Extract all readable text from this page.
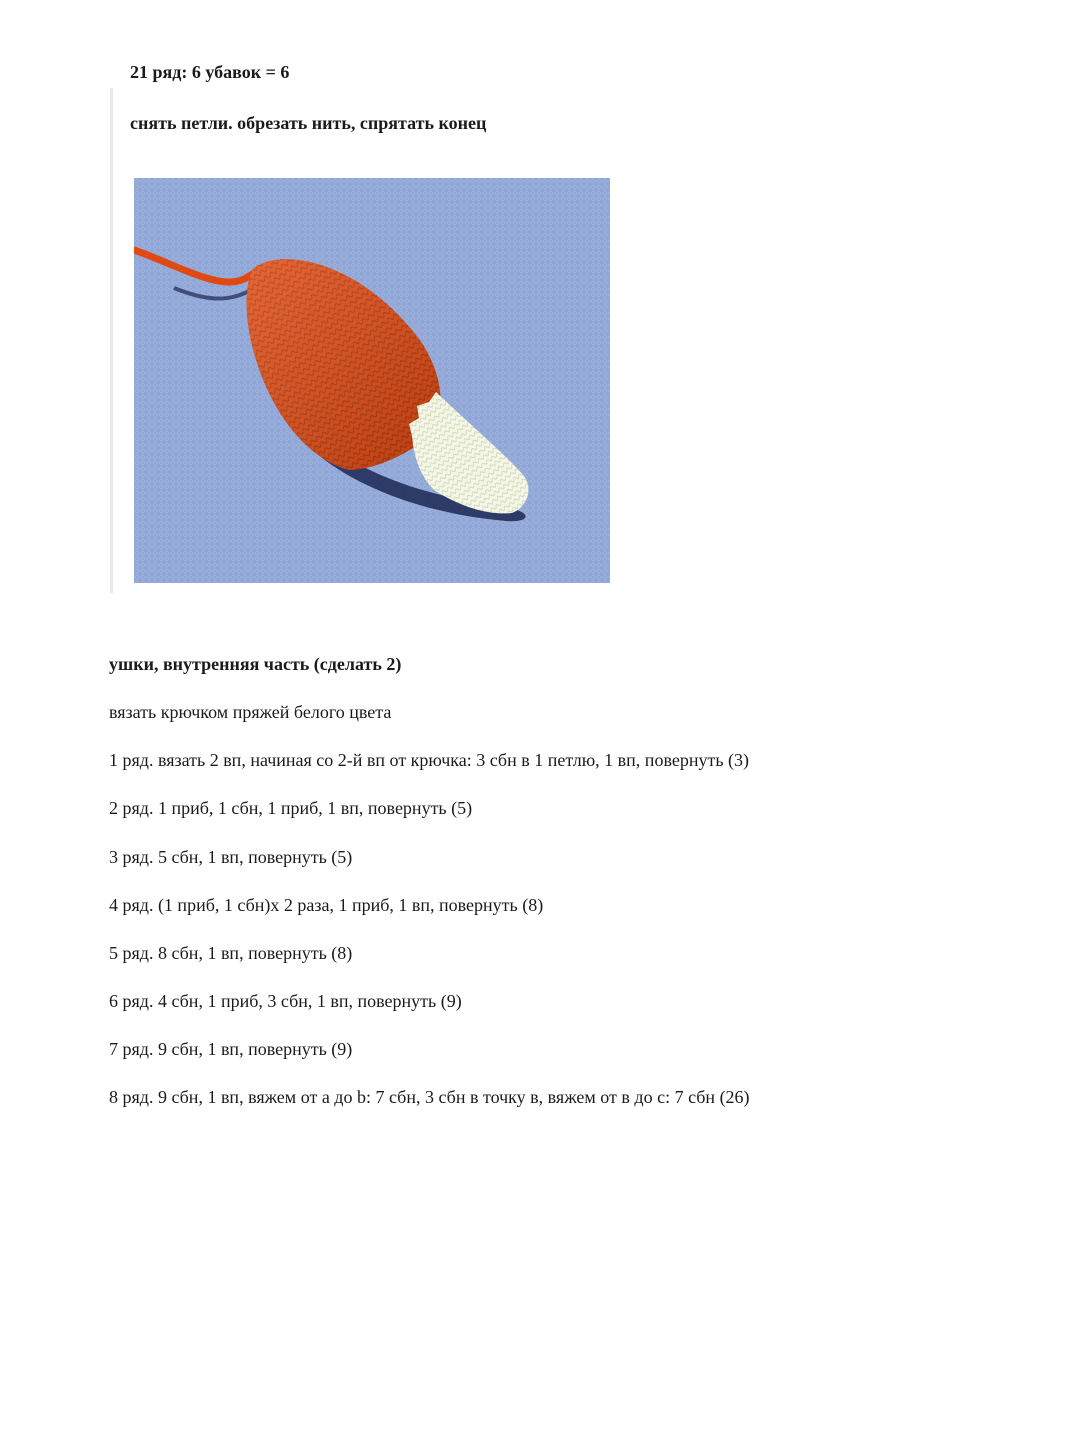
21 ряд: 6 убавок = 6
снять петли. обрезать нить, спрятать конец
ушки, внутренняя часть (сделать 2)
вязать крючком пряжей белого цвета
1 ряд. вязать 2 вп, начиная со 2-й вп от крючка: 3 сбн в 1 петлю, 1 вп, повернуть (3)
2 ряд. 1 приб, 1 сбн, 1 приб, 1 вп, повернуть (5)
3 ряд. 5 сбн, 1 вп, повернуть (5)
4 ряд. (1 приб, 1 сбн)х 2 раза, 1 приб, 1 вп, повернуть (8)
5 ряд. 8 сбн, 1 вп, повернуть (8)
6 ряд. 4 сбн, 1 приб, 3 сбн, 1 вп, повернуть (9)
7 ряд. 9 сбн, 1 вп, повернуть (9)
8 ряд. 9 сбн, 1 вп, вяжем от а до b: 7 сбн, 3 сбн в точку в, вяжем от в до с: 7 сбн (26)
